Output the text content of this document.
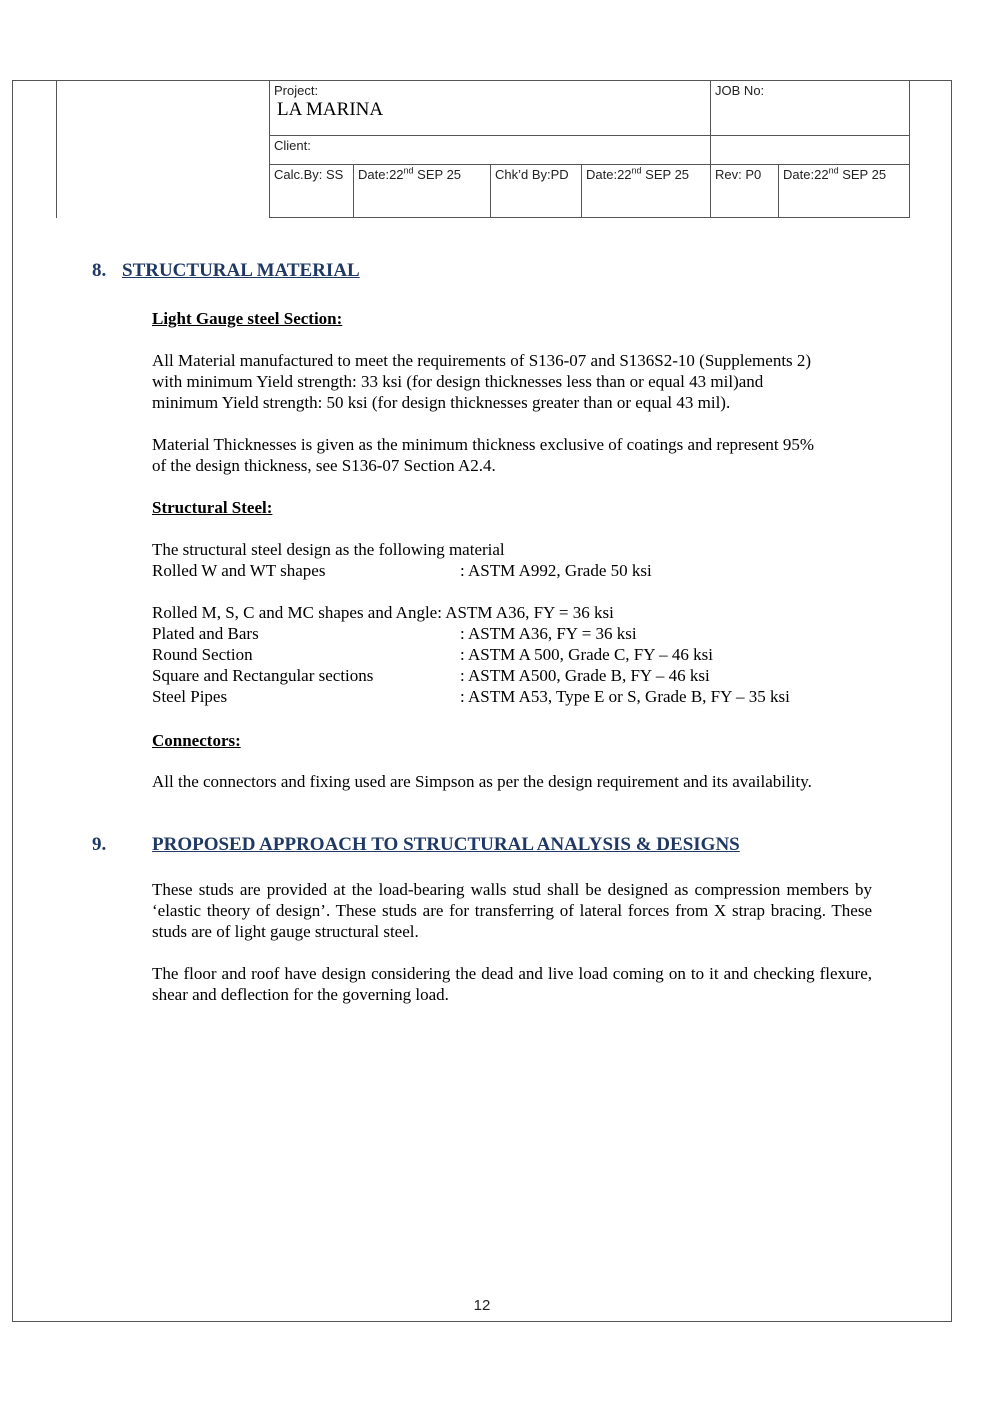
Project:
LA MARINA				JOB No:	
Client:					
Calc.By: SS	Date:22nd SEP 25	Chk’d By:PD	Date:22nd SEP 25	Rev: P0	Date:22nd SEP 25
8. STRUCTURAL MATERIAL
Light Gauge steel Section:

All Material manufactured to meet the requirements of S136-07 and S136S2-10 (Supplements 2)

with minimum Yield strength: 33 ksi (for design thicknesses less than or equal 43 mil)and

minimum Yield strength: 50 ksi (for design thicknesses greater than or equal 43 mil).

Material Thicknesses is given as the minimum thickness exclusive of coatings and represent 95%

of the design thickness, see S136-07 Section A2.4.

Structural Steel:
The structural steel design as the following material
Rolled W and WT shapes	: ASTM A992, Grade 50 ksi
Rolled M, S, C and MC shapes and Angle: ASTM A36, FY = 36 ksi
Plated and Bars	: ASTM A36, FY = 36 ksi
Round Section	: ASTM A 500, Grade C, FY – 46 ksi
Square and Rectangular sections	: ASTM A500, Grade B, FY – 46 ksi
Steel Pipes	: ASTM A53, Type E or S, Grade B, FY – 35 ksi
Connectors:
All the connectors and fixing used are Simpson as per the design requirement and its availability.
9. PROPOSED APPROACH TO STRUCTURAL ANALYSIS & DESIGNS
These studs are provided at the load-bearing walls stud shall be designed as compression members by ‘elastic theory of design’. These studs are for transferring of lateral forces from X strap bracing. These studs are of light gauge structural steel.
The floor and roof have design considering the dead and live load coming on to it and checking flexure, shear and deflection for the governing load.
12
